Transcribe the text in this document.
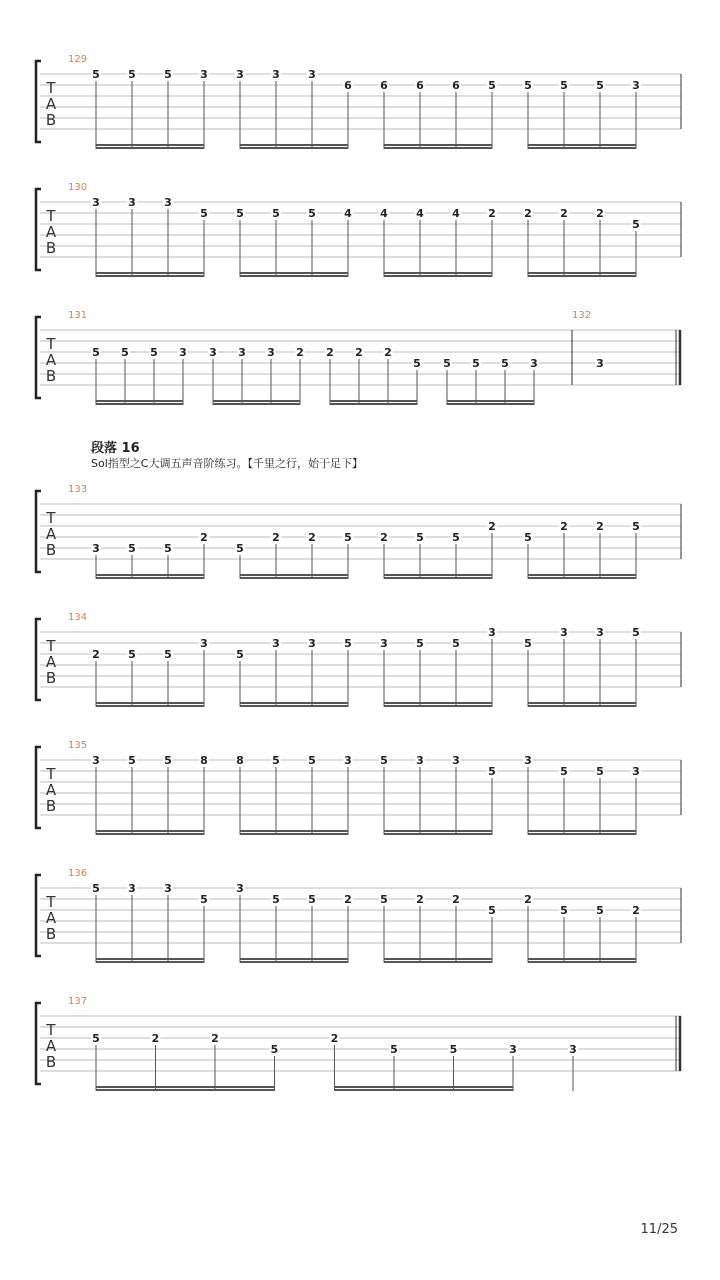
T
A
B
129
5	5	5	3	3	3	3
6	6	6	6	5	5	5	5	3
T
A
B
130
3	3	3
5	5	5	5	4	4	4	4	2	2	2	2
5
T
A
B
131
5 5 5 3 3 3 3 2 2 2 2
5 5 5 5 3
132
3
T
A
B
133
3	5	5
2
5
2	2	5	2	5	5
2
5
2	2	5
T
A
B
134
2	5	5
3
5
3	3	5	3	5	5
3
5
3	3	5
T
A
B
135
3	5	5	8	8	5	5	3	5	3	3
5
3
5	5	3
T
A
B
136
5	3	3
5
3
5	5	2	5	2	2
5
2
5	5	2
T
A
B
137
5	2	2
5
2
5	5	3	3
段落 16
Sol指型之C大调五声音阶练习。【千里之行，始于足下】
11/25
